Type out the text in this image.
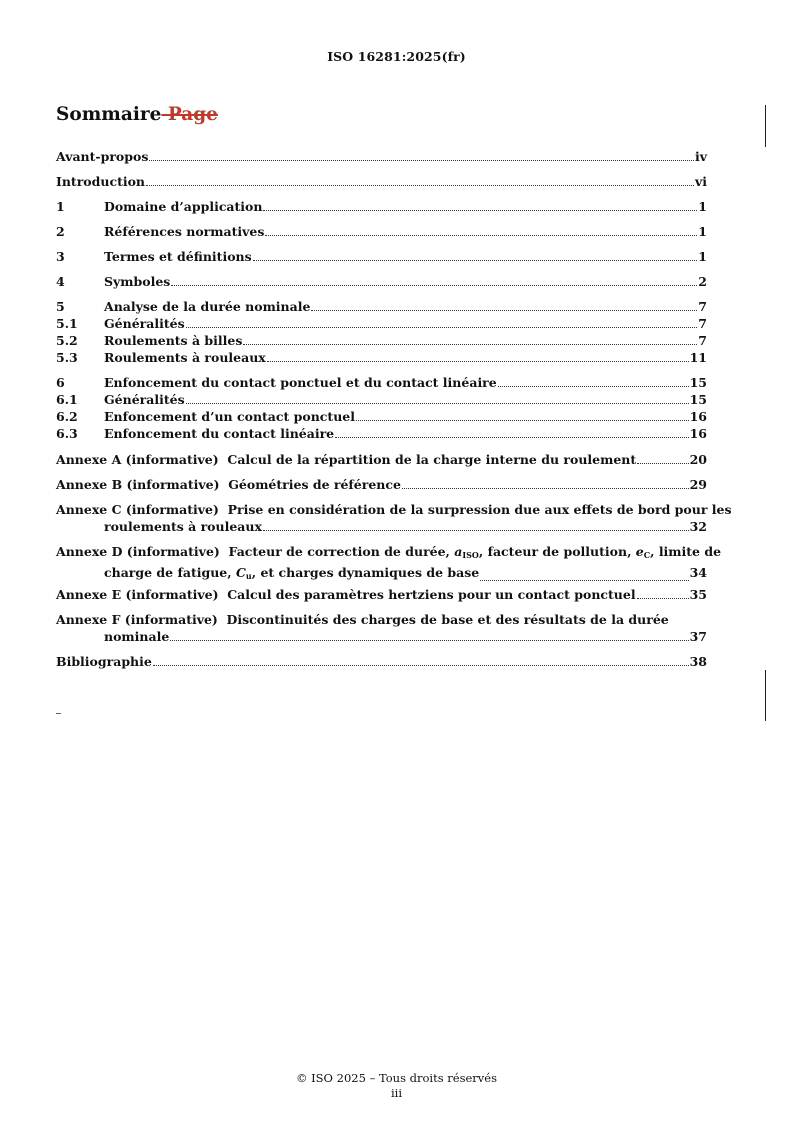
ISO 16281:2025(fr)
Sommaire Page
Avant-propos	iv
Introduction	vi
1	Domaine d’application	1
2	Références normatives	1
3	Termes et définitions	1
4	Symboles	2
5	Analyse de la durée nominale	7
5.1	Généralités	7
5.2	Roulements à billes	7
5.3	Roulements à rouleaux	11
6	Enfoncement du contact ponctuel et du contact linéaire	15
6.1	Généralités	15
6.2	Enfoncement d’un contact ponctuel	16
6.3	Enfoncement du contact linéaire	16
Annexe A (informative)  Calcul de la répartition de la charge interne du roulement	20
Annexe B (informative)  Géométries de référence	29
Annexe C (informative)  Prise en considération de la surpression due aux effets de bord pour les
roulements à rouleaux	32
Annexe D (informative)  Facteur de correction de durée, $a_{ISO}$, facteur de pollution, $e_C$, limite de
charge de fatigue, $C_u$, et charges dynamiques de base	34
Annexe E (informative)  Calcul des paramètres hertziens pour un contact ponctuel	35
Annexe F (informative)  Discontinuités des charges de base et des résultats de la durée
nominale	37
Bibliographie	38
© ISO 2025 – Tous droits réservés
iii
